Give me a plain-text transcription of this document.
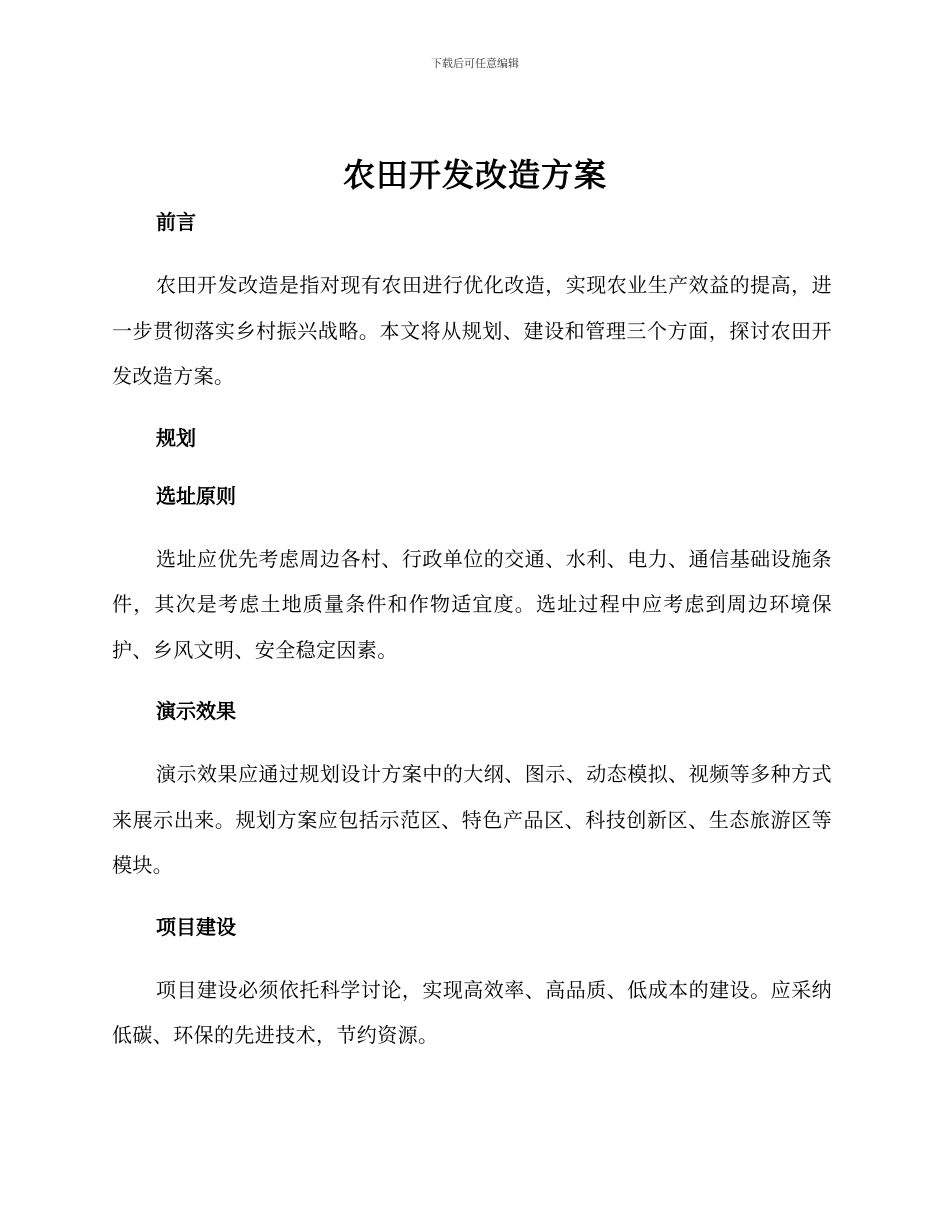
下载后可任意编辑
农田开发改造方案
前言

农田开发改造是指对现有农田进行优化改造，实现农业生产效益的提高，进一步贯彻落实乡村振兴战略。本文将从规划、建设和管理三个方面，探讨农田开发改造方案。

规划
选址原则

选址应优先考虑周边各村、行政单位的交通、水利、电力、通信基础设施条件，其次是考虑土地质量条件和作物适宜度。选址过程中应考虑到周边环境保护、乡风文明、安全稳定因素。

演示效果

演示效果应通过规划设计方案中的大纲、图示、动态模拟、视频等多种方式来展示出来。规划方案应包括示范区、特色产品区、科技创新区、生态旅游区等模块。

项目建设

项目建设必须依托科学讨论，实现高效率、高品质、低成本的建设。应采纳低碳、环保的先进技术，节约资源。
